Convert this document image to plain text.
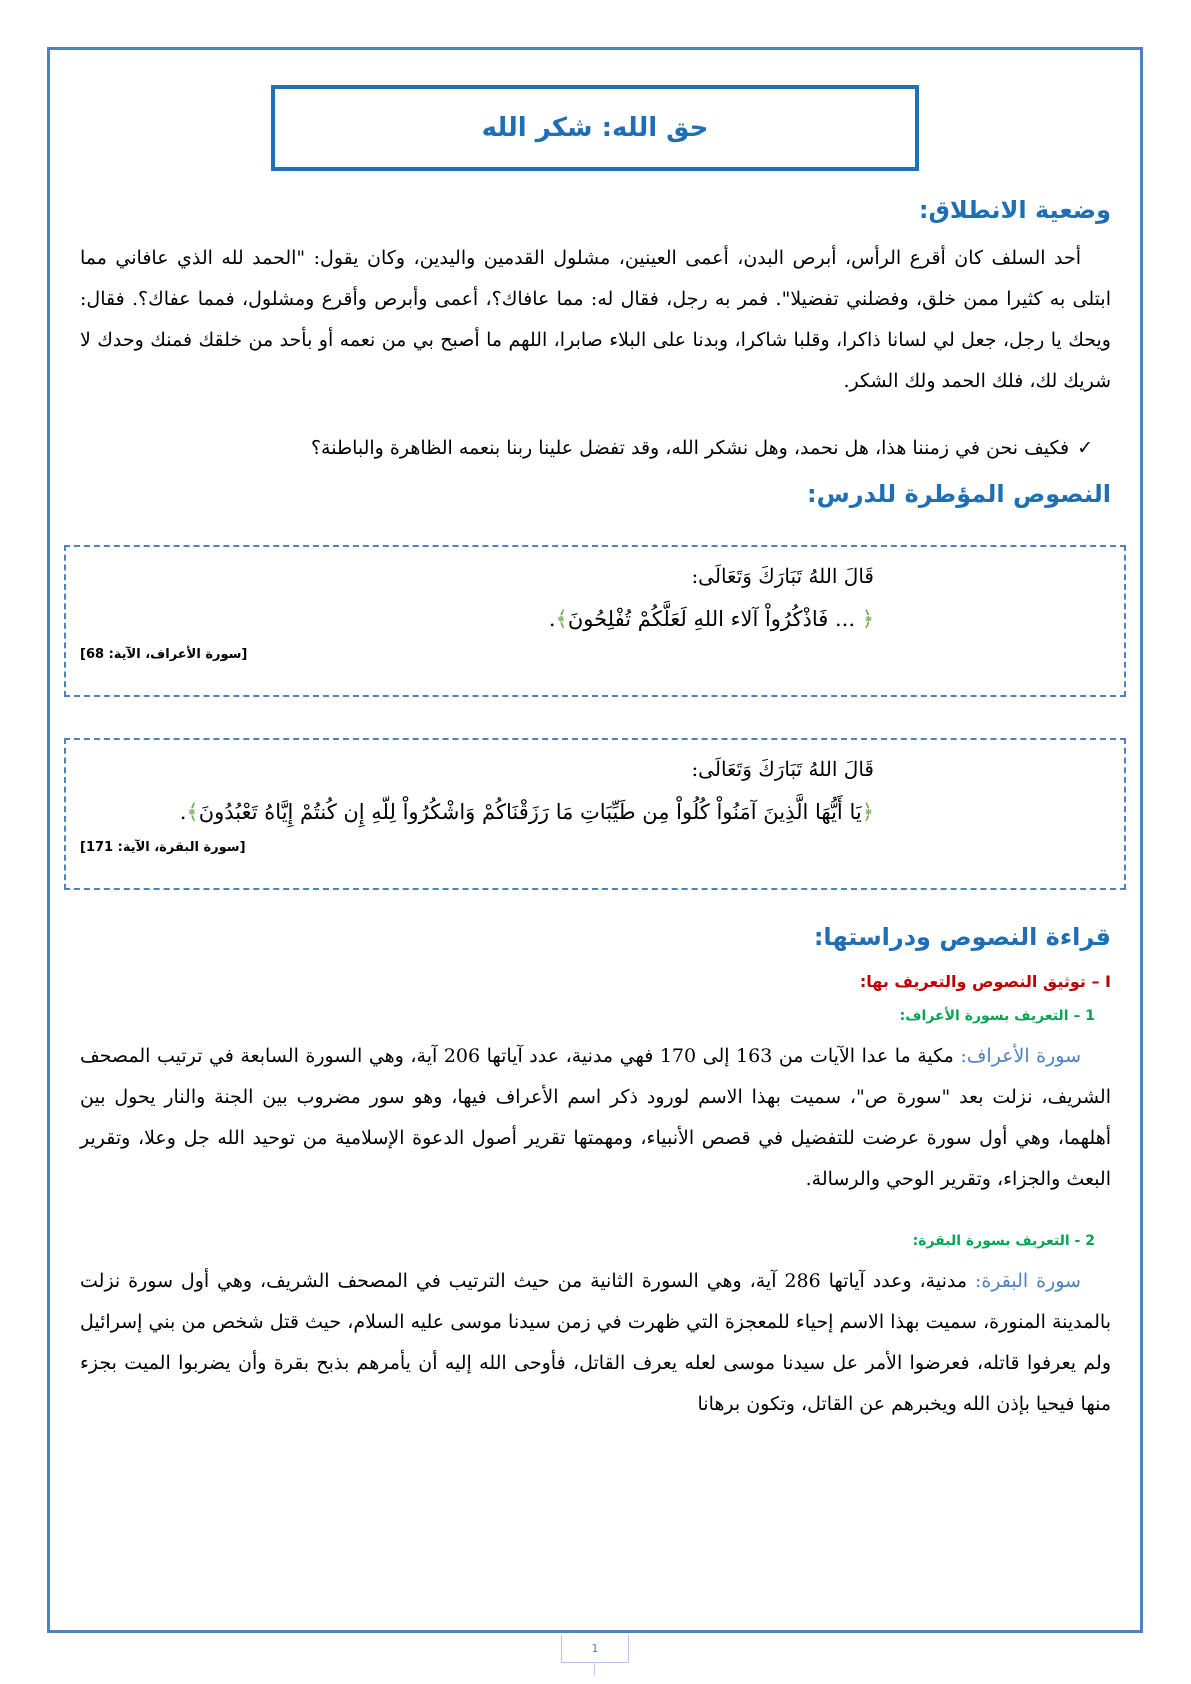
حق الله: شكر الله
وضعية الانطلاق:
أحد السلف كان أقرع الرأس، أبرص البدن، أعمى العينين، مشلول القدمين واليدين، وكان يقول: "الحمد لله الذي عافاني مما ابتلى به كثيرا ممن خلق، وفضلني تفضيلا". فمر به رجل، فقال له: مما عافاك؟، أعمى وأبرص وأقرع ومشلول، فمما عفاك؟. فقال: ويحك يا رجل، جعل لي لسانا ذاكرا، وقلبا شاكرا، وبدنا على البلاء صابرا، اللهم ما أصبح بي من نعمه أو بأحد من خلقك فمنك وحدك لا شريك لك، فلك الحمد ولك الشكر.
✓فكيف نحن في زمننا هذا، هل نحمد، وهل نشكر الله، وقد تفضل علينا ربنا بنعمه الظاهرة والباطنة؟
النصوص المؤطرة للدرس:
قَالَ اللهُ تَبَارَكَ وَتَعَالَى:
﴿ ... فَاذْكُرُواْ آلاء اللهِ لَعَلَّكُمْ تُفْلِحُونَ﴾.
[سورة الأعراف، الآية: 68]
قَالَ اللهُ تَبَارَكَ وَتَعَالَى:
﴿يَا أَيُّهَا الَّذِينَ آمَنُواْ كُلُواْ مِن طَيِّبَاتِ مَا رَزَقْنَاكُمْ وَاشْكُرُواْ لِلّهِ إِن كُنتُمْ إِيَّاهُ تَعْبُدُونَ﴾.
[سورة البقرة، الآية: 171]
قراءة النصوص ودراستها:
I – توثيق النصوص والتعريف بها:
1 – التعريف بسورة الأعراف:
سورة الأعراف: مكية ما عدا الآيات من 163 إلى 170 فهي مدنية، عدد آياتها 206 آية، وهي السورة السابعة في ترتيب المصحف الشريف، نزلت بعد "سورة ص"، سميت بهذا الاسم لورود ذكر اسم الأعراف فيها، وهو سور مضروب بين الجنة والنار يحول بين أهلهما، وهي أول سورة عرضت للتفضيل في قصص الأنبياء، ومهمتها تقرير أصول الدعوة الإسلامية من توحيد الله جل وعلا، وتقرير البعث والجزاء، وتقرير الوحي والرسالة.
2 - التعريف بسورة البقرة:
سورة البقرة: مدنية، وعدد آياتها 286 آية، وهي السورة الثانية من حيث الترتيب في المصحف الشريف، وهي أول سورة نزلت بالمدينة المنورة، سميت بهذا الاسم إحياء للمعجزة التي ظهرت في زمن سيدنا موسى عليه السلام، حيث قتل شخص من بني إسرائيل ولم يعرفوا قاتله، فعرضوا الأمر عل سيدنا موسى لعله يعرف القاتل، فأوحى الله إليه أن يأمرهم بذبح بقرة وأن يضربوا الميت بجزء منها فيحيا بإذن الله ويخبرهم عن القاتل، وتكون برهانا
1
